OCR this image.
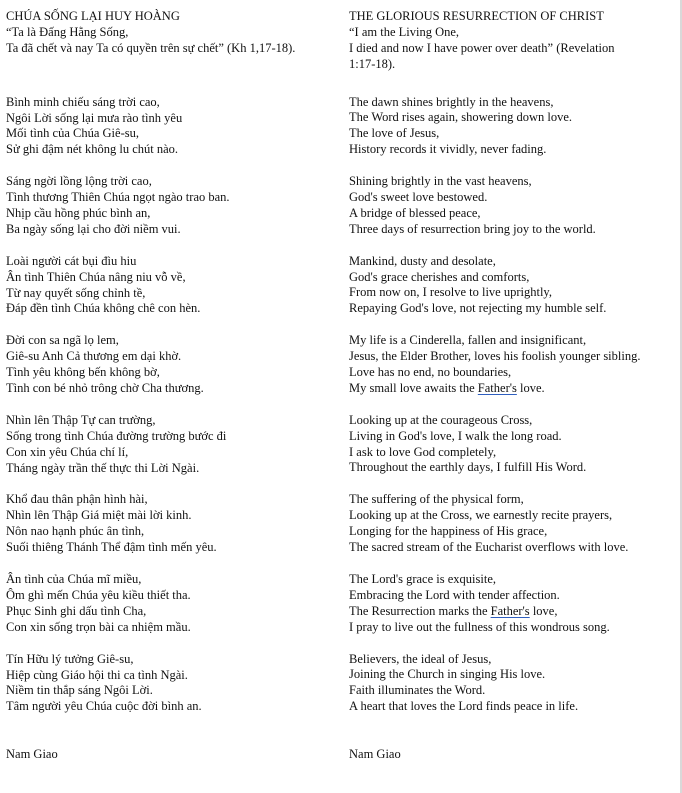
CHÚA SỐNG LẠI HUY HOÀNG
“Ta là Đấng Hằng Sống,
Ta đã chết và nay Ta có quyền trên sự chết” (Kh 1,17-18).
Bình minh chiếu sáng trời cao,
Ngôi Lời sống lại mưa rào tình yêu
Mối tình của Chúa Giê-su,
Sử ghi đậm nét không lu chút nào.
Sáng ngời lồng lộng trời cao,
Tình thương Thiên Chúa ngọt ngào trao ban.
Nhịp cầu hồng phúc bình an,
Ba ngày sống lại cho đời niềm vui.
Loài người cát bụi đìu hiu
Ân tình Thiên Chúa nâng niu vỗ về,
Từ nay quyết sống chỉnh tề,
Đáp đền tình Chúa không chê con hèn.
Đời con sa ngã lọ lem,
Giê-su Anh Cả thương em dại khờ.
Tình yêu không bến không bờ,
Tình con bé nhỏ trông chờ Cha thương.
Nhìn lên Thập Tự can trường,
Sống trong tình Chúa đường trường bước đi
Con xin yêu Chúa chí lí,
Tháng ngày trần thế thực thi Lời Ngài.
Khổ đau thân phận hình hài,
Nhìn lên Thập Giá miệt mài lời kinh.
Nôn nao hạnh phúc ân tình,
Suối thiêng Thánh Thể đậm tình mến yêu.
Ân tình của Chúa mĩ miều,
Ôm ghì mến Chúa yêu kiều thiết tha.
Phục Sinh ghi dấu tình Cha,
Con xin sống trọn bài ca nhiệm mầu.
Tín Hữu lý tưởng Giê-su,
Hiệp cùng Giáo hội thi ca tình Ngài.
Niềm tin thắp sáng Ngôi Lời.
Tâm người yêu Chúa cuộc đời bình an.
Nam Giao
THE GLORIOUS RESURRECTION OF CHRIST
“I am the Living One,
I died and now I have power over death” (Revelation
1:17-18).
The dawn shines brightly in the heavens,
The Word rises again, showering down love.
The love of Jesus,
History records it vividly, never fading.
Shining brightly in the vast heavens,
God's sweet love bestowed.
A bridge of blessed peace,
Three days of resurrection bring joy to the world.
Mankind, dusty and desolate,
God's grace cherishes and comforts,
From now on, I resolve to live uprightly,
Repaying God's love, not rejecting my humble self.
My life is a Cinderella, fallen and insignificant,
Jesus, the Elder Brother, loves his foolish younger sibling.
Love has no end, no boundaries,
My small love awaits the Father's love.
Looking up at the courageous Cross,
Living in God's love, I walk the long road.
I ask to love God completely,
Throughout the earthly days, I fulfill His Word.
The suffering of the physical form,
Looking up at the Cross, we earnestly recite prayers,
Longing for the happiness of His grace,
The sacred stream of the Eucharist overflows with love.
The Lord's grace is exquisite,
Embracing the Lord with tender affection.
The Resurrection marks the Father's love,
I pray to live out the fullness of this wondrous song.
Believers, the ideal of Jesus,
Joining the Church in singing His love.
Faith illuminates the Word.
A heart that loves the Lord finds peace in life.
Nam Giao
